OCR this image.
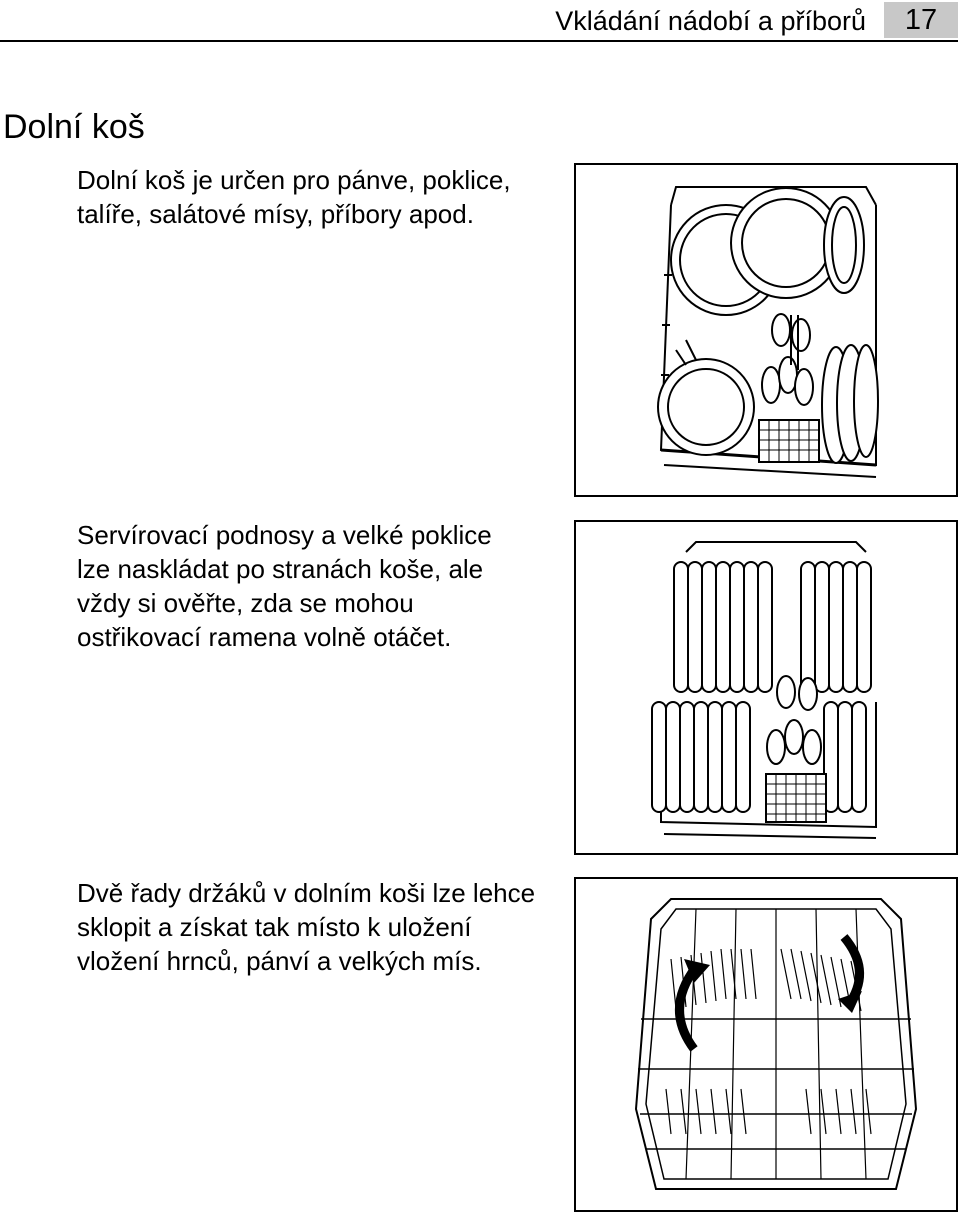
Vkládání nádobí a příborů	17
Dolní koš

Dolní koš je určen pro pánve, poklice,
talíře, salátové mísy, příbory apod.

Servírovací podnosy a velké poklice
lze naskládat po stranách koše, ale
vždy si ověřte, zda se mohou
ostřikovací ramena volně otáčet.

Dvě řady držáků v dolním koši lze lehce
sklopit a získat tak místo k uložení
vložení hrnců, pánví a velkých mís.
